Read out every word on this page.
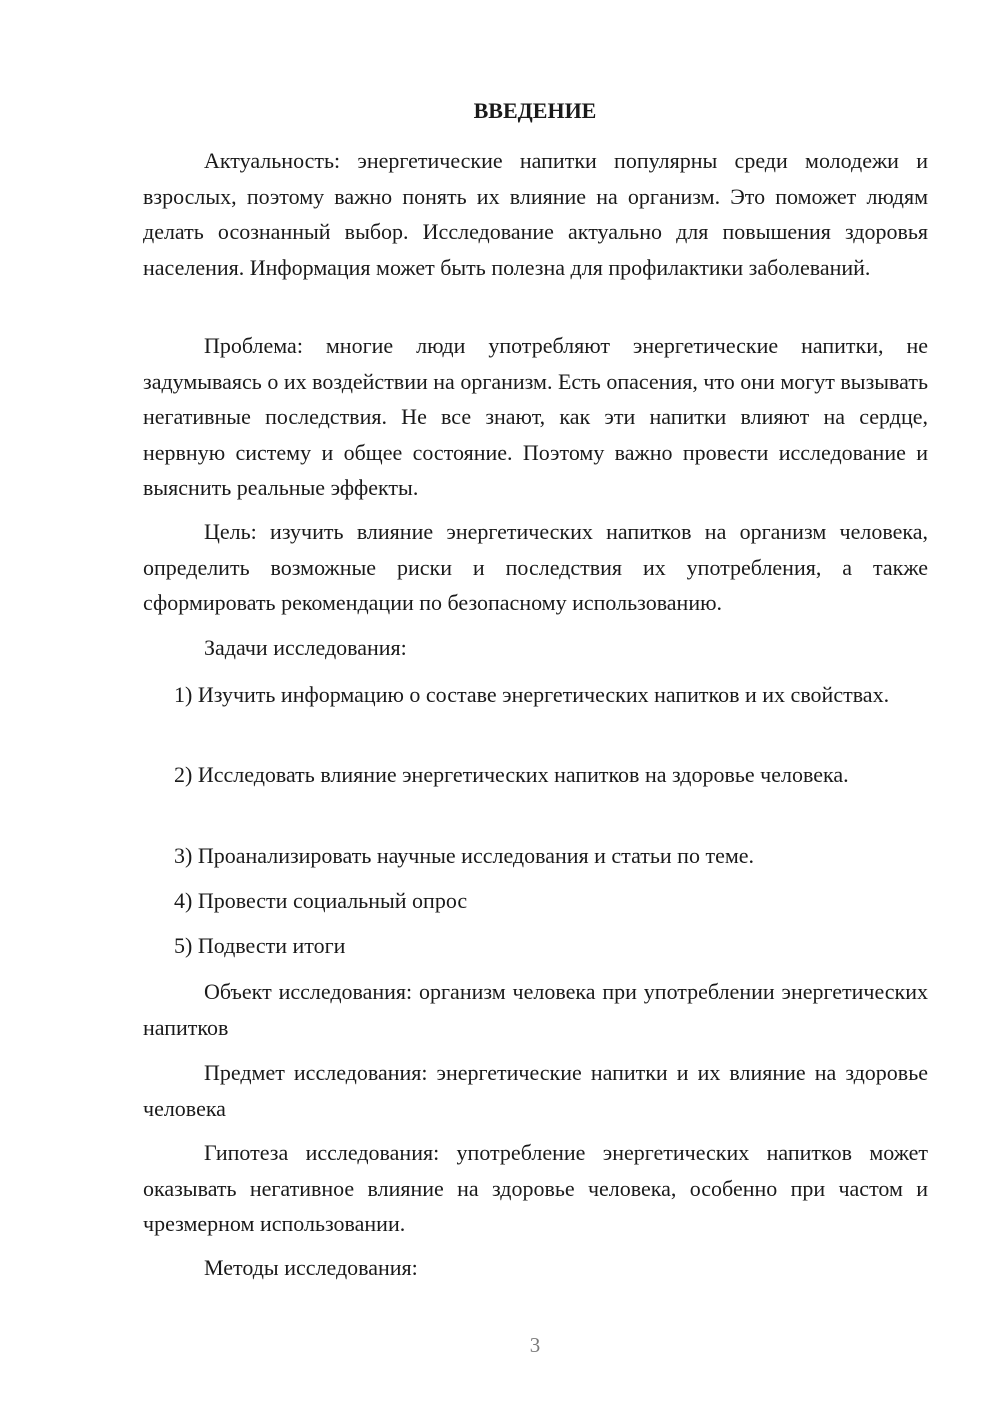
ВВЕДЕНИЕ

Актуальность: энергетические напитки популярны среди молодежи и взрослых, поэтому важно понять их влияние на организм. Это поможет людям делать осознанный выбор. Исследование актуально для повышения здоровья населения. Информация может быть полезна для профилактики заболеваний.

Проблема: многие люди употребляют энергетические напитки, не задумываясь о их воздействии на организм. Есть опасения, что они могут вызывать негативные последствия. Не все знают, как эти напитки влияют на сердце, нервную систему и общее состояние. Поэтому важно провести исследование и выяснить реальные эффекты.

Цель: изучить влияние энергетических напитков на организм человека, определить возможные риски и последствия их употребления, а также сформировать рекомендации по безопасному использованию.

Задачи исследования:

1) Изучить информацию о составе энергетических напитков и их свойствах.

2) Исследовать влияние энергетических напитков на здоровье человека.

3) Проанализировать научные исследования и статьи по теме.

4) Провести социальный опрос

5) Подвести итоги

Объект исследования: организм человека при употреблении энергетических напитков

Предмет исследования: энергетические напитки и их влияние на здоровье человека

Гипотеза исследования: употребление энергетических напитков может оказывать негативное влияние на здоровье человека, особенно при частом и чрезмерном использовании.

Методы исследования:

3
